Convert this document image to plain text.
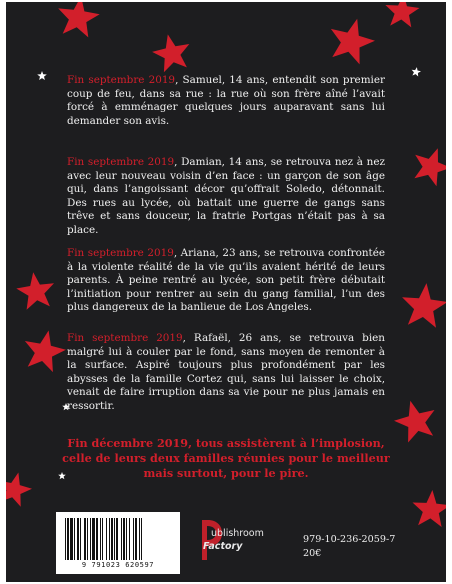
Fin septembre 2019, Samuel, 14 ans, entendit son premier coup de feu, dans sa rue : la rue où son frère aîné l’avait forcé à emménager quelques jours auparavant sans lui demander son avis.

Fin septembre 2019, Damian, 14 ans, se retrouva nez à nez avec leur nouveau voisin d’en face : un garçon de son âge qui, dans l’angoissant décor qu’offrait Soledo, détonnait. Des rues au lycée, où battait une guerre de gangs sans trêve et sans douceur, la fratrie Portgas n’était pas à sa place.

Fin septembre 2019, Ariana, 23 ans, se retrouva confrontée à la violente réalité de la vie qu’ils avaient hérité de leurs parents. À peine rentré au lycée, son petit frère débutait l’initiation pour rentrer au sein du gang familial, l’un des plus dangereux de la banlieue de Los Angeles.

Fin septembre 2019, Rafaël, 26 ans, se retrouva bien malgré lui à couler par le fond, sans moyen de remonter à la surface. Aspiré toujours plus profondément par les abysses de la famille Cortez qui, sans lui laisser le choix, venait de faire irruption dans sa vie pour ne plus jamais en ressortir.

Fin décembre 2019, tous assistèrent à l’implosion, celle de leurs deux familles réunies pour le meilleur mais surtout, pour le pire.

9 791023 620597
ublishroom
Factory
979-10-236-2059-7
20€
